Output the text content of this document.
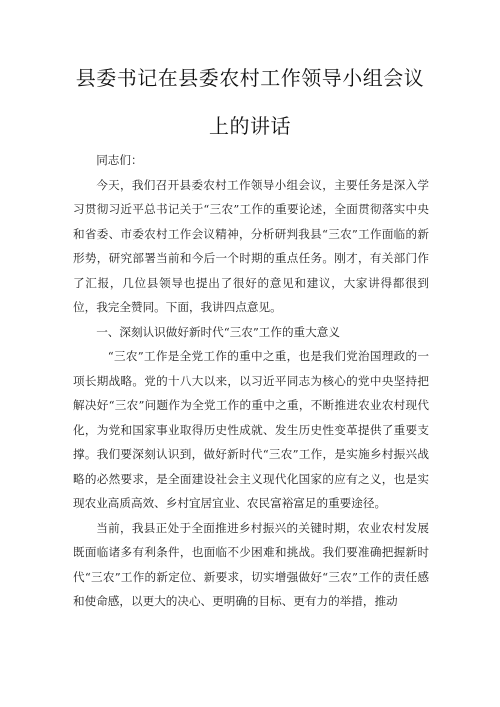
县委书记在县委农村工作领导小组会议
上的讲话

同志们：

今天，我们召开县委农村工作领导小组会议，主要任务是深入学习贯彻习近平总书记关于“三农”工作的重要论述，全面贯彻落实中央和省委、市委农村工作会议精神，分析研判我县“三农”工作面临的新形势，研究部署当前和今后一个时期的重点任务。刚才，有关部门作了汇报，几位县领导也提出了很好的意见和建议，大家讲得都很到位，我完全赞同。下面，我讲四点意见。

一、深刻认识做好新时代“三农”工作的重大意义

“三农”工作是全党工作的重中之重，也是我们党治国理政的一项长期战略。党的十八大以来，以习近平同志为核心的党中央坚持把解决好“三农”问题作为全党工作的重中之重，不断推进农业农村现代化，为党和国家事业取得历史性成就、发生历史性变革提供了重要支撑。我们要深刻认识到，做好新时代“三农”工作，是实施乡村振兴战略的必然要求，是全面建设社会主义现代化国家的应有之义，也是实现农业高质高效、乡村宜居宜业、农民富裕富足的重要途径。

当前，我县正处于全面推进乡村振兴的关键时期，农业农村发展既面临诸多有利条件，也面临不少困难和挑战。我们要准确把握新时代“三农”工作的新定位、新要求，切实增强做好“三农”工作的责任感和使命感，以更大的决心、更明确的目标、更有力的举措，推动
